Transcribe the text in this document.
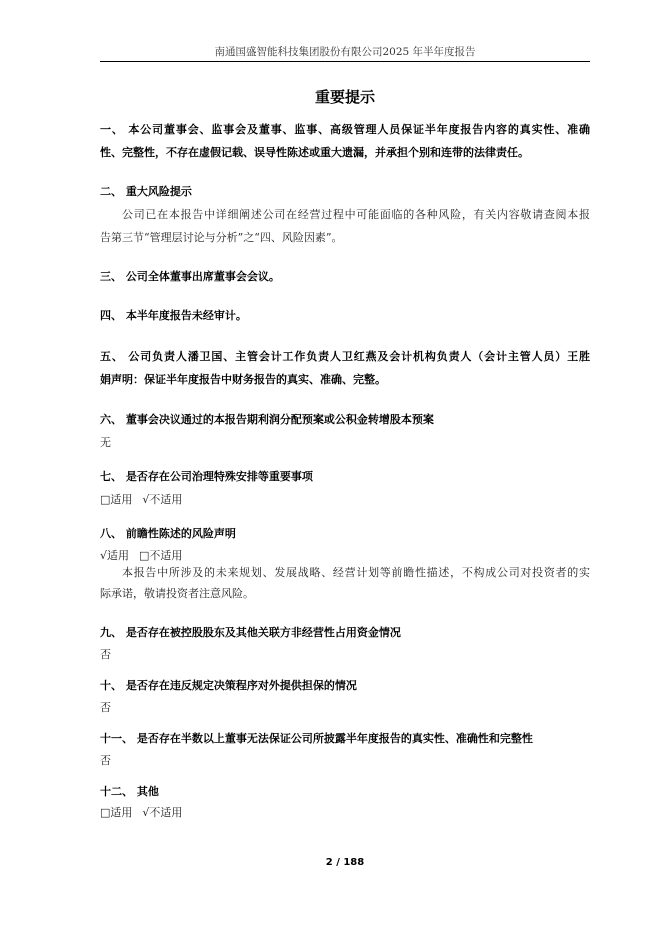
南通国盛智能科技集团股份有限公司2025 年半年度报告
重要提示
一、 本公司董事会、监事会及董事、监事、高级管理人员保证半年度报告内容的真实性、准确
性、完整性，不存在虚假记载、误导性陈述或重大遗漏，并承担个别和连带的法律责任。
二、 重大风险提示
公司已在本报告中详细阐述公司在经营过程中可能面临的各种风险，有关内容敬请查阅本报
告第三节“管理层讨论与分析”之“四、风险因素”。
三、 公司全体董事出席董事会会议。
四、 本半年度报告未经审计。
五、 公司负责人潘卫国、主管会计工作负责人卫红燕及会计机构负责人（会计主管人员）王胜
娟声明：保证半年度报告中财务报告的真实、准确、完整。
六、 董事会决议通过的本报告期利润分配预案或公积金转增股本预案
无
七、 是否存在公司治理特殊安排等重要事项
□适用 √不适用
八、 前瞻性陈述的风险声明
√适用 □不适用
本报告中所涉及的未来规划、发展战略、经营计划等前瞻性描述，不构成公司对投资者的实
际承诺，敬请投资者注意风险。
九、 是否存在被控股股东及其他关联方非经营性占用资金情况
否
十、 是否存在违反规定决策程序对外提供担保的情况
否
十一、 是否存在半数以上董事无法保证公司所披露半年度报告的真实性、准确性和完整性
否
十二、 其他
□适用 √不适用
2 / 188
